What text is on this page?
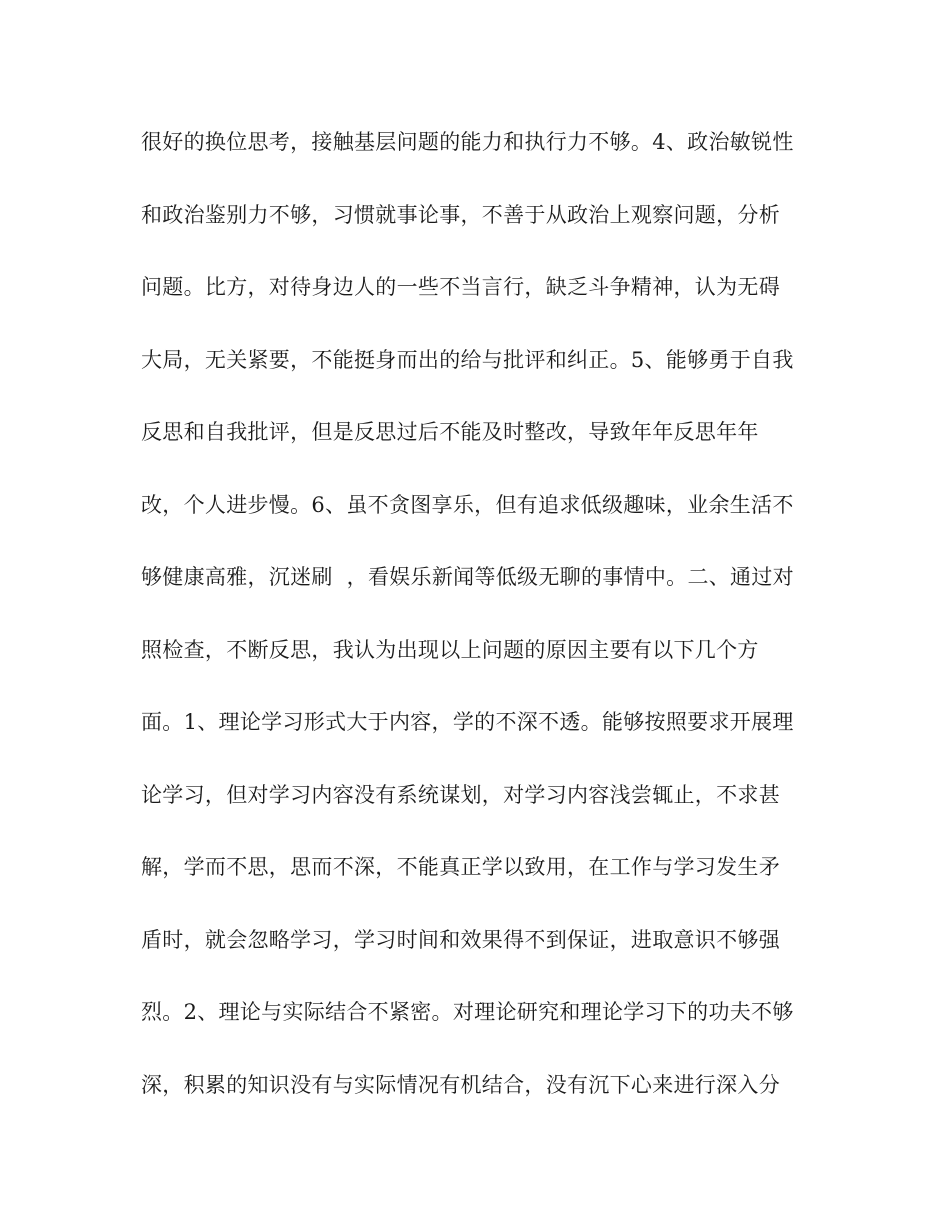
很好的换位思考，接触基层问题的能力和执行力不够。4、政治敏锐性
和政治鉴别力不够，习惯就事论事，不善于从政治上观察问题，分析
问题。比方，对待身边人的一些不当言行，缺乏斗争精神，认为无碍
大局，无关紧要，不能挺身而出的给与批评和纠正。5、能够勇于自我
反思和自我批评，但是反思过后不能及时整改，导致年年反思年年
改，个人进步慢。6、虽不贪图享乐，但有追求低级趣味，业余生活不
够健康高雅，沉迷刷  ，看娱乐新闻等低级无聊的事情中。二、通过对
照检查，不断反思，我认为出现以上问题的原因主要有以下几个方
面。1、理论学习形式大于内容，学的不深不透。能够按照要求开展理
论学习，但对学习内容没有系统谋划，对学习内容浅尝辄止，不求甚
解，学而不思，思而不深，不能真正学以致用，在工作与学习发生矛
盾时，就会忽略学习，学习时间和效果得不到保证，进取意识不够强
烈。2、理论与实际结合不紧密。对理论研究和理论学习下的功夫不够
深，积累的知识没有与实际情况有机结合，没有沉下心来进行深入分
